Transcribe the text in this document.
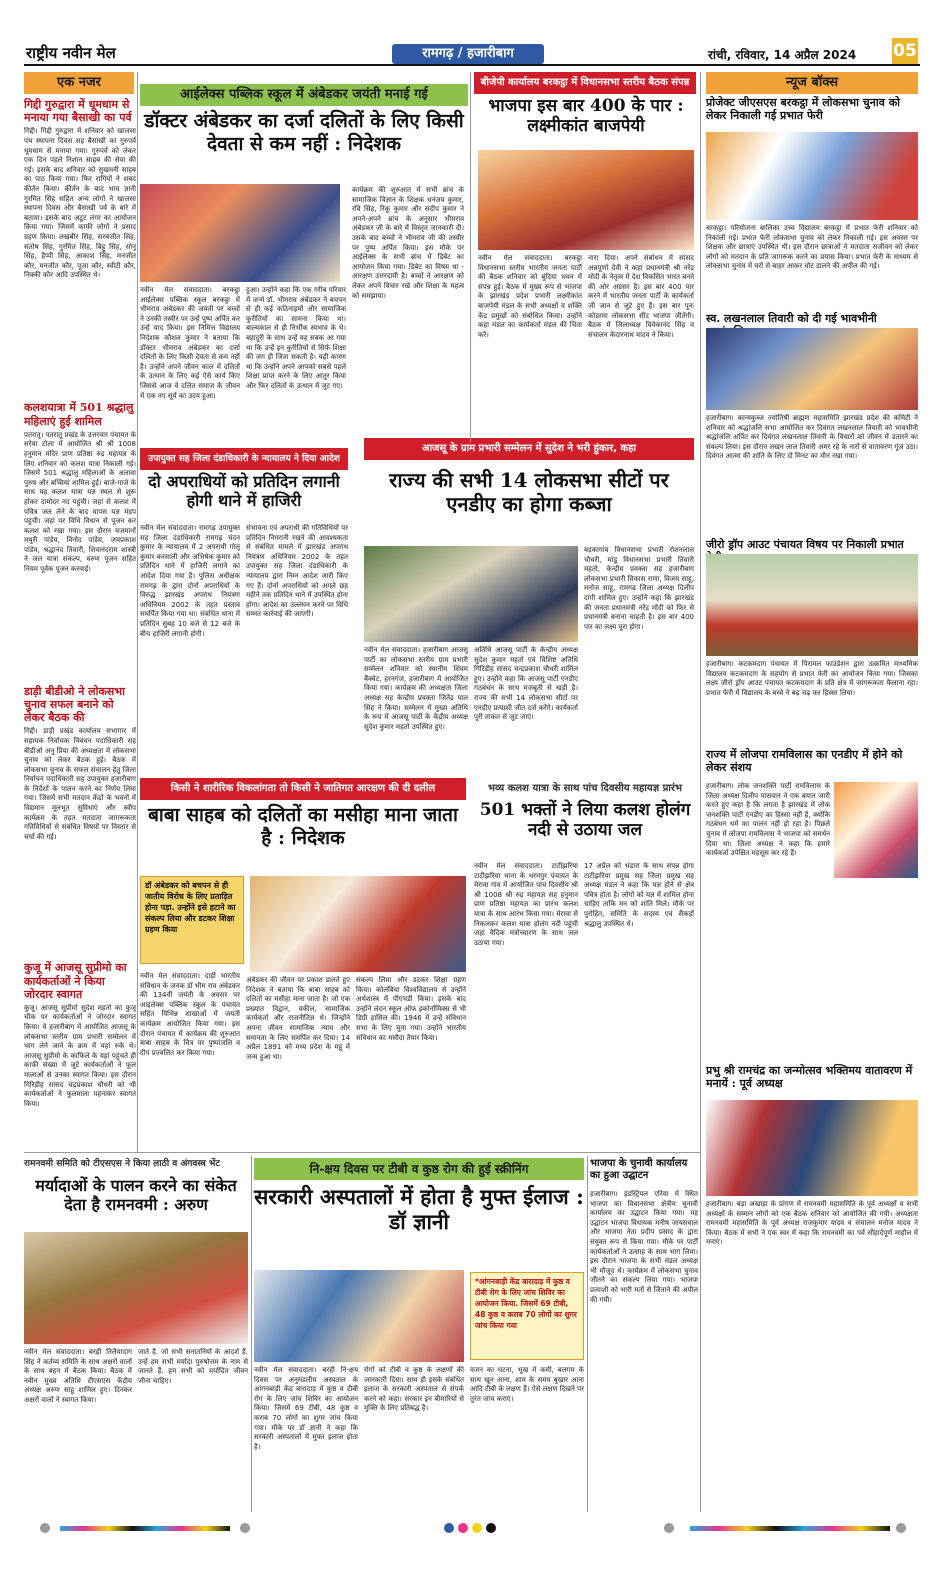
राष्ट्रीय नवीन मेल	रामगढ़ / हजारीबाग	रांची, रविवार, 14 अप्रैल 2024 05
एक नजर
गिद्दी गुरुद्वारा में धूमधाम से मनाया गया बैसाखी का पर्व
गिद्दी। गिद्दी गुरुद्वारा में शनिवार को खालसा पंथ स्थापना दिवस सह बैसाखी का गुरुपर्व धूमधाम से मनाया गया। गुरुपर्व को लेकर एक दिन पहले निशान साहब की सेवा की गई। इसके बाद शनिवार को सुखमनी साहब का पाठ किया गया। फिर रागियों ने शबद कीर्तन किया। कीर्तन के बाद भाव ज्ञानी गुरमित सिंह सहित अन्य लोगों ने खालसा स्थापना दिवस और बैसाखी पर्व के बारे में बताया। इसके बाद अटूट लंगर का आयोजन किया गया। जिसमें काफी लोगों ने प्रसाद ग्रहण किया। लखबीर सिंह, सरबजीत सिंह, संतोष सिंह, गुरमित सिंह, बिट्टू सिंह, सोनू सिंह, हैप्पी सिंह, आकाश सिंह, मनजीत कौर, मनजीत कौर, पूजा कौर, स्वीटी कौर, निक्की कौर आदि उपस्थित थे।
कलशयात्रा में 501 श्रद्धालु महिलाएं हुई शामिल
पतरातू। पतरातू प्रखंड के उत्तरवार पंचायत के सरेया टोला में आयोजित श्री श्री 1008 हनुमान मंदिर प्राण प्रतिष्ठा रुद्र महायज्ञ के लिए शनिवार को कलश यात्रा निकाली गई। जिसमें 501 श्रद्धालु महिलाओं के अलावा पुरुष और बच्चियां शामिल हुई। बाजे-गाजे के साथ यह कलश यात्रा यज्ञ स्थल से शुरू होकर दामोदर नद पहुंची। जहां से कलश में पवित्र जल लेने के बाद वापस यज्ञ मंडप पहुंची। जहां पर विधि विधान से पूजन कर कलश को रखा गया। इस दौरान यजमानों मथुरी पांडेय, विनोद पांडेय, जयप्रकाश पांडेय, श्रद्धानंद तिवारी, शिवानंदराम शास्त्री ने जल यात्रा संकल्प, वरुण पूजन सहित नियम पूर्वक पूजन करवाई।
डाड़ी बीडीओ ने लोकसभा चुनाव सफल बनाने को लेकर बैठक की
गिद्दी। डाड़ी प्रखंड कार्यालय सभागार में सहायक निर्वाचक निबंधन पदाधिकारी सह बीडीओ अनु प्रिया की अध्यक्षता में लोकसभा चुनाव को लेकर बैठक हुई। बैठक में लोकसभा चुनाव के सफल संचालन हेतु जिला निर्वाचन पदाधिकारी सह उपायुक्त हजारीबाग के निर्देशों के पालन करने का निर्णय लिया गया। जिसमें सभी मतदान केंद्रों के भवनों में विद्यमान मूलभूत सुविधाएं और स्वीप कार्यक्रम के तहत मतदाता जागरूकता गतिविधियों से संबंधित विषयों पर विस्तार से चर्चा की गई।
कुजू में आजसू सुप्रीमो का कार्यकर्ताओं ने किया जोरदार स्वागत
कुजू। आजसू सुप्रीमो सुदेश महतो का कुजू चौक पर कार्यकर्ताओं ने जोरदार स्वागत किया। वे हजारीबाग में आयोजित आजसू के लोकसभा स्तरीय ग्राम प्रभारी सम्मेलन में भाग लेने जाने के क्रम में यहां रुके थे। आजसू सुप्रीमो के काफिले के यहां पहुंचते ही काफी संख्या में जुटे कार्यकर्ताओं ने फूल मालाओं से उनका स्वागत किया। इस दौरान गिरिडीह सांसद चंद्रप्रकाश चौधरी को भी कार्यकर्ताओं ने फूलमाला पहनाकर स्वागत किया।
आईलेक्स पब्लिक स्कूल में अंबेडकर जयंती मनाई गई
डॉक्टर अंबेडकर का दर्जा दलितों के लिए किसी देवता से कम नहीं : निदेशक
नवीन मेल संवाददाता। बरकट्ठा आईलेक्स पब्लिक स्कूल बरकट्ठा में भीमराव अंबेडकर की जयंती पर बच्चों ने उनकी तस्वीर पर उन्हें पुष्प अर्पित कर उन्हें याद किया। इस निमित्त विद्यालय निदेशक कौशल कुमार ने बताया कि डॉक्टर भीमराव अंबेडकर का दर्जा दलितों के लिए किसी देवता से कम नहीं है। उन्होंने अपने जीवन काल में दलितों के उत्थान के लिए कई ऐसे कार्य किए जिससे आज वे दलित समाज के जीवन में एक नए सूर्य का उदय हुआ।
हुआ। उन्होंने कहा कि एक गरीब परिवार में जन्मे डॉ. भीमराव अंबेडकर ने बचपन से ही कई कठिनाइयों और सामाजिक कुरीतियों का सामना किया था। बाल्यकाल से ही निर्भीक स्वभाव के थे। बहादुरी के साथ उन्हें यह सबक आ गया था कि उन्हें इन कुरीतियों से सिर्फ शिक्षा की जंग ही जिता सकती है। यही कारण था कि उन्होंने अपने आपको सबसे पहले शिक्षा प्राप्त करने के लिए आतुर किया और फिर दलितों के उत्थान में जुट गए।
कार्यक्रम की शुरुआत में सभी ब्रांच के सामाजिक विज्ञान के शिक्षक धनंजय कुमार, रवि सिंह, रिंकू कुमार और संदीप कुमार ने अपने-अपने ब्रांच के अनुसार भीमराव अंबेडकर जी के बारे में विस्तृत जानकारी दी। उसके बाद बच्चों ने भीमराव जी की तस्वीर पर पुष्प अर्पित किया। इस मौके पर आईलेक्स के सभी ब्रांच में डिबेट का आयोजन किया गया। डिबेट का विषय था - आरक्षण उत्तरदायी है। बच्चों ने आरक्षण को लेकर अपने विचार रखे और शिक्षा के महत्व को समझाया।
बीजेपी कार्यालय बरकट्ठा में विधानसभा स्तरीय बैठक संपन्न
भाजपा इस बार 400 के पार : लक्ष्मीकांत बाजपेयी
नवीन मेल संवाददाता। बरकट्ठा विधानसभा स्तरीय भारतीय जनता पार्टी की बैठक शनिवार को बुंदिया भवन में संपन्न हुई। बैठक में मुख्य रूप से भाजपा के झारखंड प्रदेश प्रभारी लक्ष्मीकांत बाजपेयी मंडल के सभी अध्यक्षों व शक्ति केंद्र प्रमुखों को संबोधित किया। उन्होंने कहा मंडल का कार्यकर्ता मंडल की चिंता करें।
नारा दिया। अपने संबोधन में सांसद अन्नपूर्णा देवी ने कहा प्रधानमंत्री श्री नरेंद्र मोदी के नेतृत्व में देश विकसित भारत बनने की ओर अग्रसर है। इस बार 400 पार करने में भारतीय जनता पार्टी के कार्यकर्ता जी जान से जुटे हुए हैं। इस बार पुनः कोडरमा लोकसभा सीट भाजपा जीतेगी। बैठक में जिलाध्यक्ष विवेकानंद सिंह व संचालन केदारनाथ यादव ने किया।
न्यूज बॉक्स
प्रोजेक्ट जीएसएस बरकट्ठा में लोकसभा चुनाव को लेकर निकाली गई प्रभात फेरी
बरकट्ठा। परियोजना बालिका उच्च विद्यालय बरकट्ठा में प्रभात फेरी शनिवार को निकाली गई। प्रभात फेरी लोकसभा चुनाव को लेकर निकाली गई। इस अवसर पर शिक्षक और छात्राएं उपस्थित थी। इस दौरान छात्राओं ने मतदाता सजीवन को लेकर लोगों को मतदान के प्रति जागरूक करने का प्रयास किया। प्रभात फेरी के माध्यम से लोकसभा चुनाव में घरों से बाहर आकर वोट डालने की अपील की गई।
स्व. लखनलाल तिवारी को दी गई भावभीनी
हजारीबाग। कान्यकुब्ज ज्योतिषी ब्राह्मण महासमिति झारखंड प्रदेश की कमिटी ने शनिवार को श्रद्धांजलि सभा आयोजित कर दिवंगत लखनलाल तिवारी को भावभीनी श्रद्धांजलि अर्पित कर दिवंगत लखनलाल तिवारी के विचारों को जीवन में उतारने का संकल्प लिया। इस दौरान लखन लाल तिवारी अमर रहे के नारों से वातावरण गूंज उठा। दिवंगत आत्मा की शांति के लिए दो मिनट का मौन रखा गया।
जीरो ड्रॉप आउट पंचायत विषय पर निकाली प्रभात
हजारीबाग। कटकमदाग पंचायत में पिरामल फाउंडेशन द्वारा उत्क्रमित माध्यमिक विद्यालय कटकमदाग के सहयोग से प्रभात फेरी का आयोजन किया गया। जिसका लक्ष्य जीरो ड्रॉप आउट पंचायत कटकमदाग के प्रति क्षेत्र में जागरूकता फैलाना रहा। प्रभात फेरी में विद्यालय के बच्चे ने बढ़ चढ़ कर हिस्सा लिया।
राज्य में लोजपा रामविलास का एनडीए में होने को लेकर संशय
हजारीबाग। लोक जनशक्ति पार्टी रामविलास के जिला अध्यक्ष दिलीप पासवान ने एक बयान जारी करते हुए कहा है कि लगता है झारखंड में लोक जनशक्ति पार्टी एनडीए का हिस्सा नहीं है, क्योंकि गठबंधन धर्म का पालन नहीं हो रहा है। पिछले चुनाव में लोजपा रामविलास ने भाजपा को समर्थन दिया था। जिला अध्यक्ष ने कहा कि हमारे कार्यकर्ता उपेक्षित महसूस कर रहे हैं।
प्रभु श्री रामचंद्र का जन्मोत्सव भक्तिमय वातावरण में मनायें : पूर्व अध्यक्ष
हजारीबाग। बड़ा अखाड़ा के प्रांगण में रामनवमी महासमिति के पूर्व अध्यक्षों व सभी अध्यक्षों के सम्मान लोगों को एक बैठक शनिवार को आयोजित की गयी। अध्यक्षता रामनवमी महासमिति के पूर्व अध्यक्ष राजकुमार यादव व संचालन मनोज यादव ने किया। बैठक में सभी ने एक स्वर में कहा कि रामनवमी का पर्व सौहार्दपूर्ण माहौल में मनाएं।
उपायुक्त सह जिला दंडाधिकारी के न्यायालय ने दिया आदेश
दो अपराधियों को प्रतिदिन लगानी होगी थाने में हाजिरी
नवीन मेल संवाददाता। रामगढ़ उपायुक्त सह जिला दंडाधिकारी रामगढ़ चंदन कुमार के न्यायालय में 2 अपराधी गोलू कुमार करमाली और अभिषेक कुमार को प्रतिदिन थाने में हाजिरी लगाने का आदेश दिया गया है। पुलिस अधीक्षक रामगढ़ के द्वारा दोनों अपराधियों के विरुद्ध झारखंड अपराध नियंत्रण अधिनियम 2002 के तहत प्रस्ताव समर्पित किया गया था। संबंधित थाना में प्रतिदिन सुबह 10 बजे से 12 बजे के बीच हाजिरी लगानी होगी।
संभावना एवं अपराधी की गतिविधियों पर प्रतिदिन निगरानी रखने की आवश्यकता से संबंधित मामले में झारखंड अपराध नियंत्रण अधिनियम 2002 के तहत उपायुक्त सह जिला दंडाधिकारी के न्यायालय द्वारा निम्न आदेश जारी किए गए हैं। दोनों अपराधियों को अगले छह महीने तक प्रतिदिन थाने में उपस्थित होना होगा। आदेश का उल्लंघन करने पर विधि सम्मत कार्रवाई की जाएगी।
आजसू के ग्राम प्रभारी सम्मेलन में सुदेश ने भरी हुंकार, कहा
राज्य की सभी 14 लोकसभा सीटों पर एनडीए का होगा कब्जा
नवीन मेल संवाददाता। हजारीबाग आजसू पार्टी का लोकसभा स्तरीय ग्राम प्रभारी सम्मेलन शनिवार को स्थानीय शिवम बैंक्वेट, हरनगंज, हजारीबाग में आयोजित किया गया। कार्यक्रम की अध्यक्षता जिला अध्यक्ष सह केन्द्रीय प्रवक्ता जितेंद्र पाल सिंह ने किया। सम्मेलन में मुख्य अतिथि के रूप में आजसू पार्टी के केंद्रीय अध्यक्ष सुदेश कुमार महतो उपस्थित हुए।
अतिथि आजसू पार्टी के केन्द्रीय अध्यक्ष सुदेश कुमार महतो एवं विशिष्ट अतिथि गिरिडीह सांसद चन्द्रप्रकाश चौधरी शामिल हुए। उन्होंने कहा कि आजसू पार्टी एनडीए गठबंधन के साथ मजबूती से खड़ी है। राज्य की सभी 14 लोकसभा सीटों पर एनडीए प्रत्याशी जीत दर्ज करेंगे। कार्यकर्ता पूरी ताकत से जुट जाएं।
बड़कागांव विधानसभा प्रभारी रोशनलाल चौधरी, मांडू विधानसभा प्रभारी तिवारी महतो, केन्द्रीय प्रवक्ता सह हजारीबाग लोकसभा प्रभारी विकास राणा, विजय साहू, मनोज साहू, रामगढ़ जिला अध्यक्ष दिलीप दांगी शामिल हुए। उन्होंने कहा कि झारखंड की जनता प्रधानमंत्री नरेंद्र मोदी को फिर से प्रधानमंत्री बनाना चाहती है। इस बार 400 पार का लक्ष्य पूरा होगा।
किसी ने शारीरिक विकलांगता तो किसी ने जातिगत आरक्षण की दी दलील
बाबा साहब को दलितों का मसीहा माना जाता है : निदेशक
डॉ अंबेडकर को बचपन से ही जातीय विरोध के लिए प्रताड़ित होना पड़ा. उन्होंने इसे हटाने का संकल्प लिया और डटकर शिक्षा ग्रहण किया
नवीन मेल संवाददाता। दाड़ी भारतीय संविधान के जनक डॉ भीम राव अंबेडकर की 134वीं जयंती के अवसर पर आइलेक्स पब्लिक स्कूल के पंचायत सहित विभिन्न शाखाओं में जयंती कार्यक्रम आयोजित किया गया। इस दौरान पंचायत में कार्यक्रम की शुरुआत बाबा साहब के चित्र पर पुष्पांजलि व दीप प्रज्वलित कर किया गया।
अंबेडकर की जीवन पर प्रकाश डालते हुए निदेशक ने बताया कि बाबा साहब को दलितों का मसीहा माना जाता है। जो एक प्रख्यात विद्वान, वकील, सामाजिक कार्यकर्ता और राजनीतिज्ञ थे। जिन्होंने अपना जीवन सामाजिक न्याय और समानता के लिए समर्पित कर दिया। 14 अप्रैल 1891 को मध्य प्रदेश के महू में जन्म हुआ था।
संकल्प लिया और डटकर शिक्षा ग्रहण किया। कोलंबिया विश्वविद्यालय से उन्होंने अर्थशास्त्र में पीएचडी किया। इसके बाद उन्होंने लंदन स्कूल ऑफ इकोनॉमिक्स से भी डिग्री हासिल की। 1946 में उन्हें संविधान सभा के लिए चुना गया। उन्होंने भारतीय संविधान का मसौदा तैयार किया।
भव्य कलश यात्रा के साथ पांच दिवसीय महायज्ञ प्रारंभ
501 भक्तों ने लिया कलश होलंग नदी से उठाया जल
नवीन मेल संवाददाता। टाटीझरिया टाटीझरिया थाना के धरमपुर पंचायत के मेरावा गांव में आयोजित पांच दिवसीय श्री श्री 1008 श्री रुद्र महायज्ञ सह हनुमान प्राण प्रतिष्ठा महायज्ञ का प्रारंभ कलश यात्रा के साथ आरंभ किया गया। मेरावा से निकलकर कलश यात्रा होलंग नदी पहुंची जहां वैदिक मंत्रोच्चारण के साथ जल उठाया गया।
17 अप्रैल को भंडारा के साथ संपन्न होगा टाटीझरिया प्रमुख सह जिला प्रमुख सह अध्यक्ष मंडल ने कहा कि यज्ञ होने से क्षेत्र पवित्र होता है। लोगों को यज्ञ में शामिल होना चाहिए ताकि मन को शांति मिले। मौके पर पुरोहित, समिति के सदस्य एवं सैकड़ों श्रद्धालु उपस्थित थे।
रामनवमी समिति को टीएसएस ने किया लाठी व अंगवस्त्र भेंट
मर्यादाओं के पालन करने का संकेत देता है रामनवमी : अरुण
नवीन मेल संवाददाता। बरही तिलैयादाग सिंह ने कर्तव्य समिति के साथ अक्षरों वालों के साथ बहन में बैठक किया। बैठक में नवीन मुख्य अतिथि टीएसएस केंद्रीय अध्यक्ष अरुण साहू शामिल हुए। दिनकर अक्षरों वालों ने स्वागत किया।
जाते हैं. जो सभी सनातनियों के आदर्श हैं. उन्हें हम सभी मर्यादा पुरुषोत्तम के नाम से जानते हैं. हम सभी को मर्यादित जीवन जीना चाहिए।
नि-क्षय दिवस पर टीबी व कुष्ठ रोग की हुई स्क्रीनिंग
सरकारी अस्पतालों में होता है मुफ्त ईलाज : डॉ ज्ञानी
*आंगनबाड़ी केंद्र बारादाड़ में कुष्ठ व टीबी रोग के लिए जांच शिविर का आयोजन किया. जिसमें 69 टीबी, 48 कुष्ठ व कराब 70 लोगों का शुगर जांच किया गया
नवीन मेल संवाददाता। बरही नि-क्षय दिवस पर अनुमंडलीय अस्पताल के आंगनबाड़ी केंद्र बारादाड़ में कुष्ठ व टीबी रोग के लिए जांच शिविर का आयोजन किया। जिसमें 69 टीबी, 48 कुष्ठ व कराब 70 लोगों का शुगर जांच किया गया। मौके पर डॉ ज्ञानी ने कहा कि सरकारी अस्पतालों में मुफ्त इलाज होता है।
रोगों को टीबी व कुष्ठ के लक्षणों की जानकारी दिया। साथ ही इसके संबंधित इलाज के सरकारी अस्पताल से संपर्क करने को कहा। सरकार इन बीमारियों से मुक्ति के लिए प्रतिबद्ध है।
वजन का घटना, भूख में कमी, बलगम के साथ खून आना, शाम के समय बुखार आना आदि टीबी के लक्षण हैं। ऐसे लक्षण दिखने पर तुरंत जांच कराएं।
भाजपा के चुनावी कार्यालय का हुआ उद्घाटन
हजारीबाग। इंडस्ट्रियल एरिया में स्थित भाजपा का विधानसभा क्षेत्रीय चुनावी कार्यालय का उद्घाटन किया गया। यह उद्घाटन भाजपा विधायक मनीष जायसवाल और भाजपा नेता प्रदीप प्रसाद के द्वारा संयुक्त रूप से किया गया। मौके पर पार्टी कार्यकर्ताओं ने उत्साह के साथ भाग लिया। इस दौरान भाजपा के सभी मंडल अध्यक्ष भी मौजूद थे। कार्यक्रम में लोकसभा चुनाव जीतने का संकल्प लिया गया। भाजपा प्रत्याशी को भारी मतों से जिताने की अपील की गयी।
